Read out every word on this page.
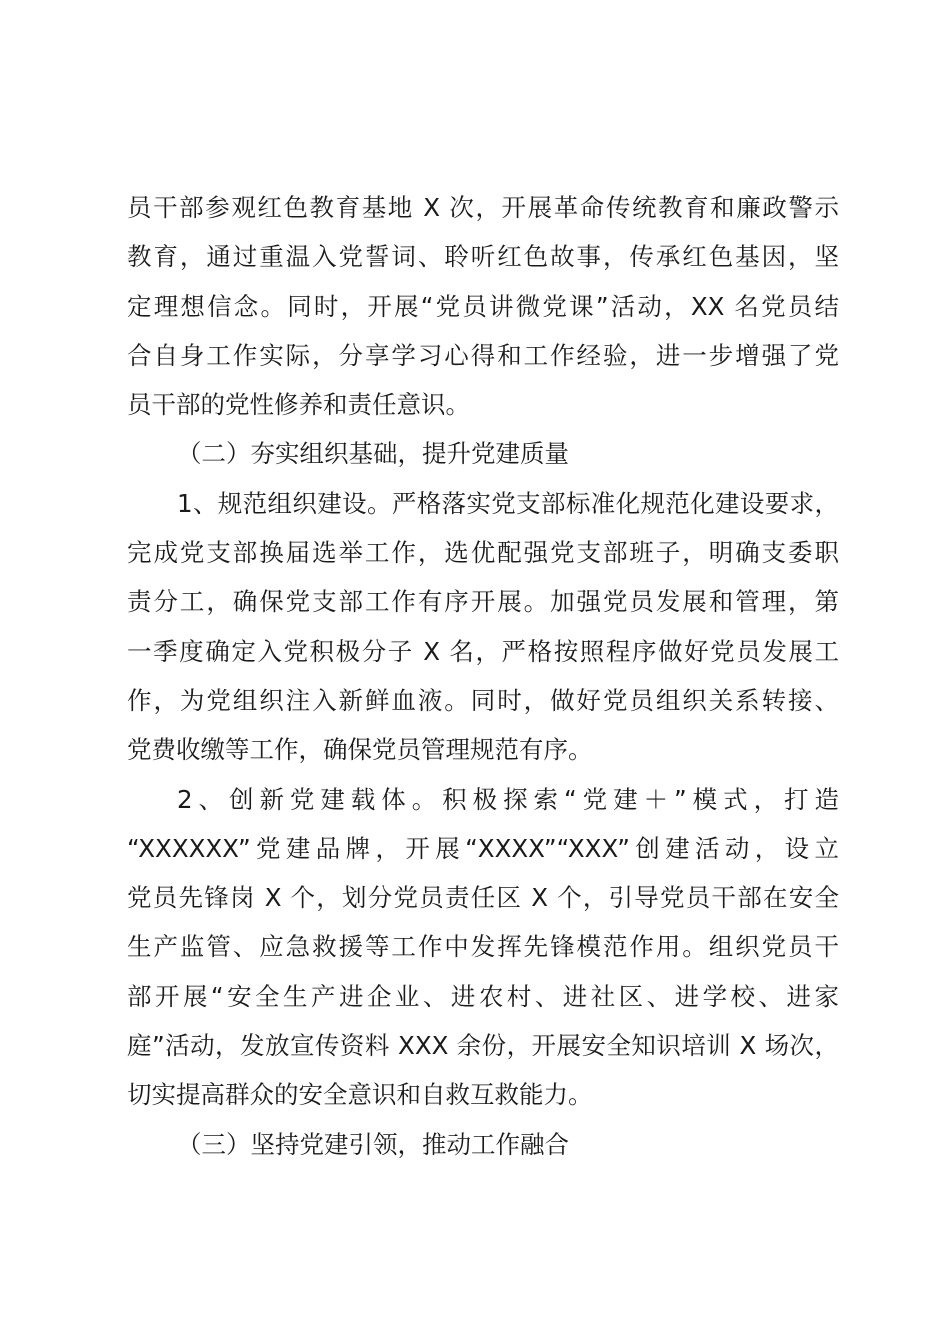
员干部参观红色教育基地 X 次，开展革命传统教育和廉政警示
教育，通过重温入党誓词、聆听红色故事，传承红色基因，坚
定理想信念。同时，开展“党员讲微党课”活动，XX 名党员结
合自身工作实际，分享学习心得和工作经验，进一步增强了党
员干部的党性修养和责任意识。
（二）夯实组织基础，提升党建质量
1、规范组织建设。严格落实党支部标准化规范化建设要求，
完成党支部换届选举工作，选优配强党支部班子，明确支委职
责分工，确保党支部工作有序开展。加强党员发展和管理，第
一季度确定入党积极分子 X 名，严格按照程序做好党员发展工
作，为党组织注入新鲜血液。同时，做好党员组织关系转接、
党费收缴等工作，确保党员管理规范有序。
2、创新党建载体。积极探索“党建＋”模式，打造
“XXXXXX”党建品牌，开展“XXXX”“XXX”创建活动，设立
党员先锋岗 X 个，划分党员责任区 X 个，引导党员干部在安全
生产监管、应急救援等工作中发挥先锋模范作用。组织党员干
部开展“安全生产进企业、进农村、进社区、进学校、进家
庭”活动，发放宣传资料 XXX 余份，开展安全知识培训 X 场次，
切实提高群众的安全意识和自救互救能力。
（三）坚持党建引领，推动工作融合
